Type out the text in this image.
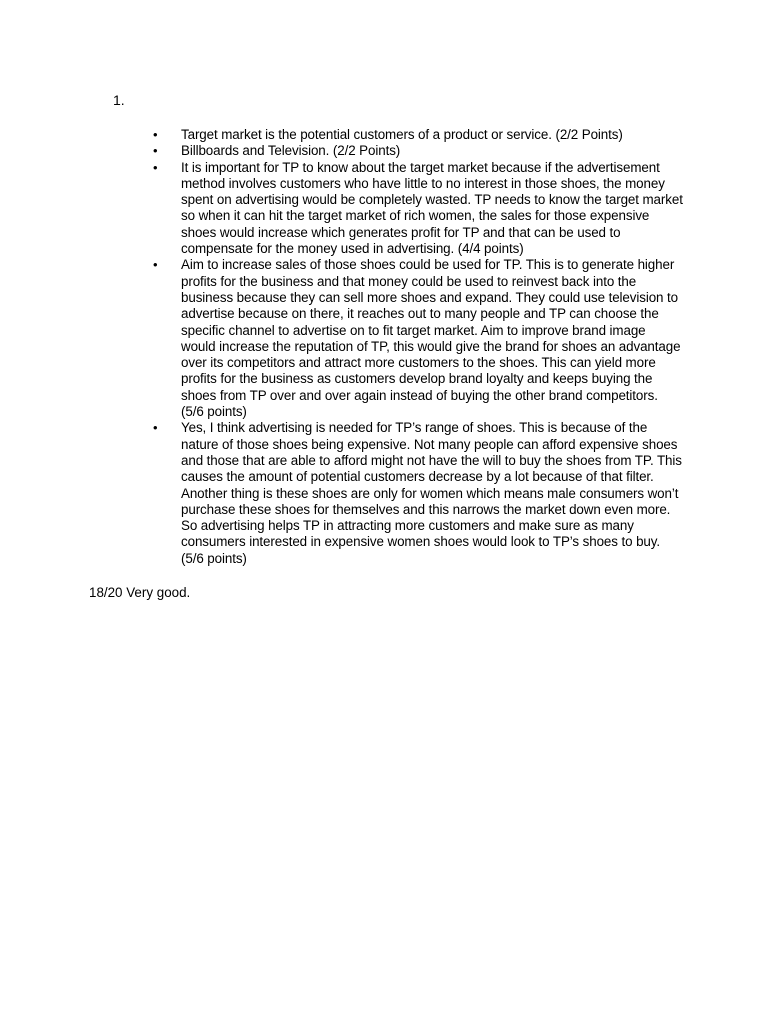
1.
• Target market is the potential customers of a product or service. (2/2 Points)
• Billboards and Television. (2/2 Points)
• It is important for TP to know about the target market because if the advertisement method involves customers who have little to no interest in those shoes, the money spent on advertising would be completely wasted. TP needs to know the target market so when it can hit the target market of rich women, the sales for those expensive shoes would increase which generates profit for TP and that can be used to compensate for the money used in advertising. (4/4 points)
• Aim to increase sales of those shoes could be used for TP. This is to generate higher profits for the business and that money could be used to reinvest back into the business because they can sell more shoes and expand. They could use television to advertise because on there, it reaches out to many people and TP can choose the specific channel to advertise on to fit target market. Aim to improve brand image would increase the reputation of TP, this would give the brand for shoes an advantage over its competitors and attract more customers to the shoes. This can yield more profits for the business as customers develop brand loyalty and keeps buying the shoes from TP over and over again instead of buying the other brand competitors. (5/6 points)
• Yes, I think advertising is needed for TP’s range of shoes. This is because of the nature of those shoes being expensive. Not many people can afford expensive shoes and those that are able to afford might not have the will to buy the shoes from TP. This causes the amount of potential customers decrease by a lot because of that filter. Another thing is these shoes are only for women which means male consumers won’t purchase these shoes for themselves and this narrows the market down even more. So advertising helps TP in attracting more customers and make sure as many consumers interested in expensive women shoes would look to TP’s shoes to buy. (5/6 points)
18/20 Very good.
